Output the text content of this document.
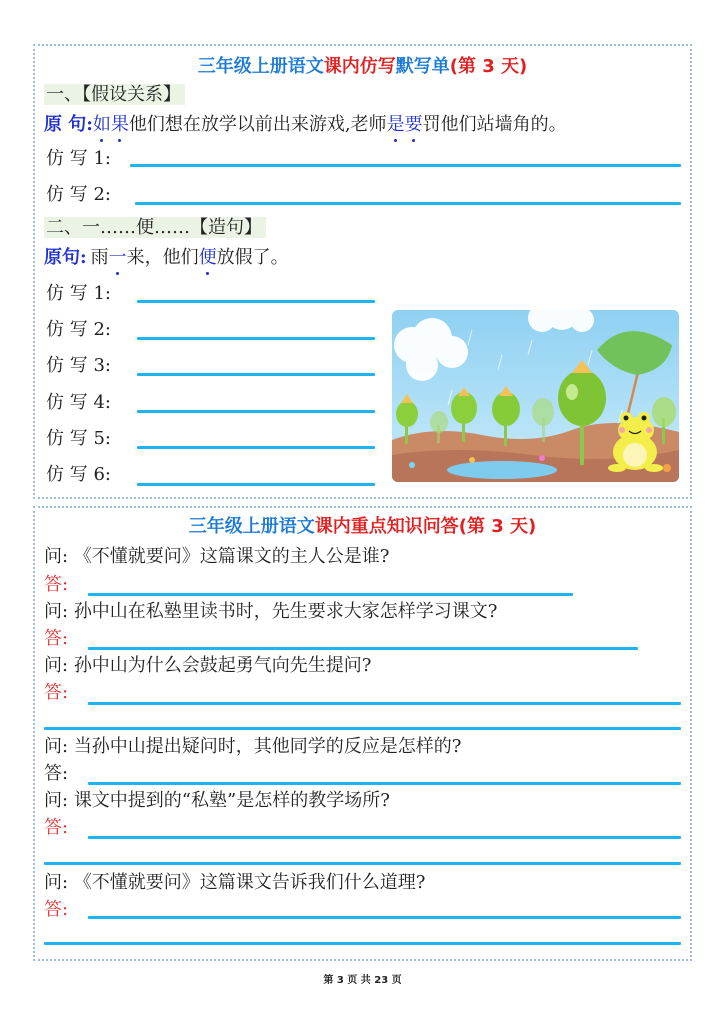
三年级上册语文课内仿写默写单(第 3 天)
一、【假设关系】
原 句:如果他们想在放学以前出来游戏,老师是要罚他们站墙角的。
仿 写 1:
仿 写 2:
二、一……便……【造句】
原句: 雨一来，他们便放假了。
仿 写 1:
仿 写 2:
仿 写 3:
仿 写 4:
仿 写 5:
仿 写 6:
三年级上册语文课内重点知识问答(第 3 天)
问: 《不懂就要问》这篇课文的主人公是谁?
答:
问: 孙中山在私塾里读书时，先生要求大家怎样学习课文?
答:
问: 孙中山为什么会鼓起勇气向先生提问?
答:
问: 当孙中山提出疑问时，其他同学的反应是怎样的?
答:
问: 课文中提到的“私塾”是怎样的教学场所?
答:
问: 《不懂就要问》这篇课文告诉我们什么道理?
答:
第 3 页 共 23 页
